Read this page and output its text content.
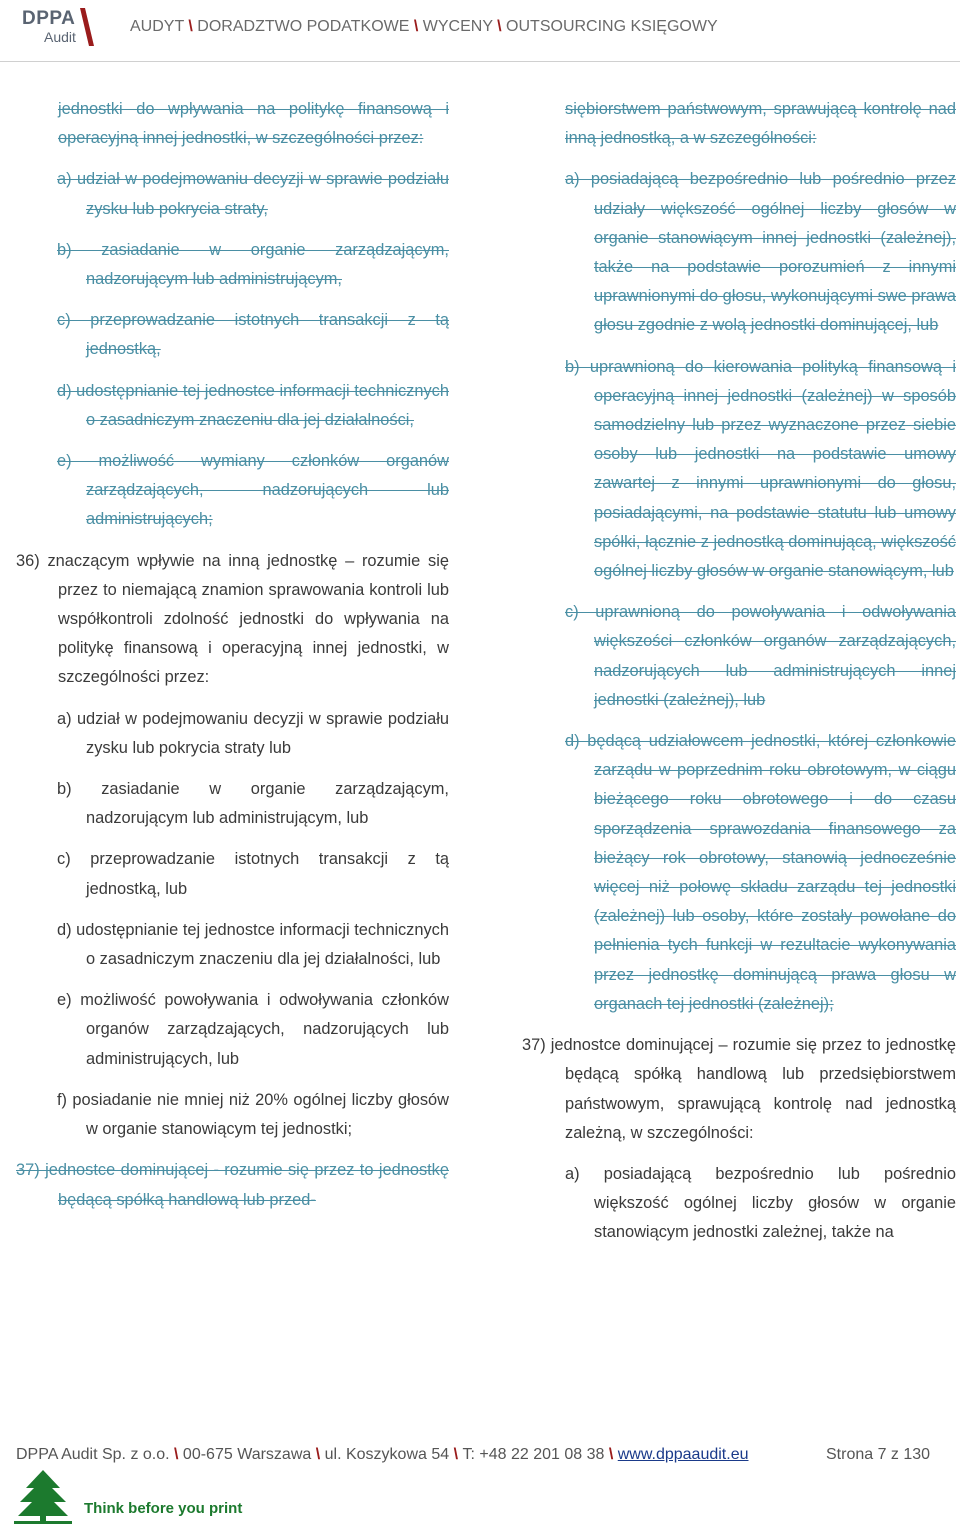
DPPA
Audit
AUDYT \ DORADZTWO PODATKOWE \ WYCENY \ OUTSOURCING KSIĘGOWY

jednostki do wpływania na politykę finansową i operacyjną innej jednostki, w szczególności przez:

a) udział w podejmowaniu decyzji w sprawie podziału zysku lub pokrycia straty,

b) zasiadanie w organie zarządzającym, nadzorującym lub administrującym,

c) przeprowadzanie istotnych transakcji z tą jednostką,

d) udostępnianie tej jednostce informacji technicznych o zasadniczym znaczeniu dla jej działalności,

e) możliwość wymiany członków organów zarządzających, nadzorujących lub administrujących;

36) znaczącym wpływie na inną jednostkę – rozumie się przez to niemającą znamion sprawowania kontroli lub współkontroli zdolność jednostki do wpływania na politykę finansową i operacyjną innej jednostki, w szczególności przez:

a) udział w podejmowaniu decyzji w sprawie podziału zysku lub pokrycia straty lub

b) zasiadanie w organie zarządzającym, nadzorującym lub administrującym, lub

c) przeprowadzanie istotnych transakcji z tą jednostką, lub

d) udostępnianie tej jednostce informacji technicznych o zasadniczym znaczeniu dla jej działalności, lub

e) możliwość powoływania i odwoływania członków organów zarządzających, nadzorujących lub administrujących, lub

f) posiadanie nie mniej niż 20% ogólnej liczby głosów w organie stanowiącym tej jednostki;

37) jednostce dominującej - rozumie się przez to jednostkę będącą spółką handlową lub przed-

siębiorstwem państwowym, sprawującą kontrolę nad inną jednostką, a w szczególności:

a) posiadającą bezpośrednio lub pośrednio przez udziały większość ogólnej liczby głosów w organie stanowiącym innej jednostki (zależnej), także na podstawie porozumień z innymi uprawnionymi do głosu, wykonującymi swe prawa głosu zgodnie z wolą jednostki dominującej, lub

b) uprawnioną do kierowania polityką finansową i operacyjną innej jednostki (zależnej) w sposób samodzielny lub przez wyznaczone przez siebie osoby lub jednostki na podstawie umowy zawartej z innymi uprawnionymi do głosu, posiadającymi, na podstawie statutu lub umowy spółki, łącznie z jednostką dominującą, większość ogólnej liczby głosów w organie stanowiącym, lub

c) uprawnioną do powoływania i odwoływania większości członków organów zarządzających, nadzorujących lub administrujących innej jednostki (zależnej), lub

d) będącą udziałowcem jednostki, której członkowie zarządu w poprzednim roku obrotowym, w ciągu bieżącego roku obrotowego i do czasu sporządzenia sprawozdania finansowego za bieżący rok obrotowy, stanowią jednocześnie więcej niż połowę składu zarządu tej jednostki (zależnej) lub osoby, które zostały powołane do pełnienia tych funkcji w rezultacie wykonywania przez jednostkę dominującą prawa głosu w organach tej jednostki (zależnej);

37) jednostce dominującej – rozumie się przez to jednostkę będącą spółką handlową lub przedsiębiorstwem państwowym, sprawującą kontrolę nad jednostką zależną, w szczególności:

a) posiadającą bezpośrednio lub pośrednio większość ogólnej liczby głosów w organie stanowiącym jednostki zależnej, także na

DPPA Audit Sp. z o.o. \ 00-675 Warszawa \ ul. Koszykowa 54 \ T: +48 22 201 08 38 \ www.dppaaudit.eu	Strona 7 z 130
Think before you print
